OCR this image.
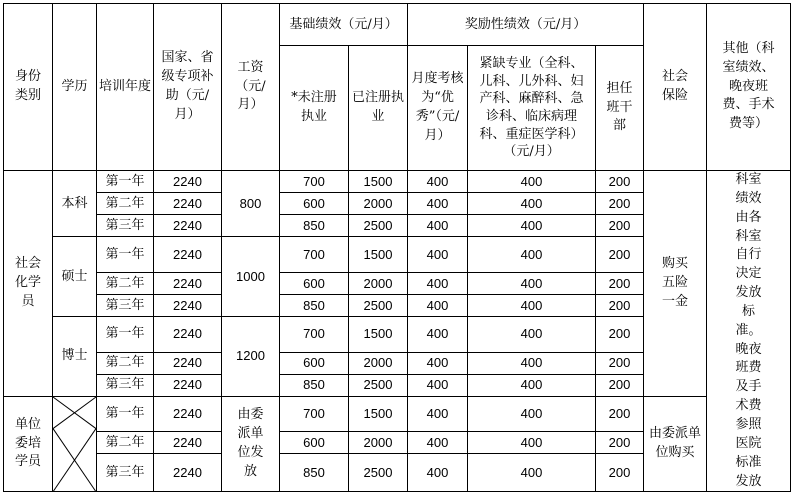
身份类别	学历	培训年度	国家、省级专项补助（元/月）	工资（元/月）	基础绩效（元/月）		奖励性绩效（元/月）			社会保险	其他（科室绩效、晚夜班费、手术费等）
					*未注册执业	已注册执业	月度考核为“优秀”（元/月）	紧缺专业（全科、儿科、儿外科、妇产科、麻醉科、急诊科、临床病理科、重症医学科）（元/月）	担任班干部		
社会化学员	本科	第一年	2240	800	700	1500	400	400	200	购买五险一金	科室绩效由各科室自行决定发放标准。晚夜班费及手术费参照医院标准发放
		第二年	2240		600	2000	400	400	200		
		第三年	2240		850	2500	400	400	200		
	硕士	第一年	2240	1000	700	1500	400	400	200		
		第二年	2240		600	2000	400	400	200		
		第三年	2240		850	2500	400	400	200		
	博士	第一年	2240	1200	700	1500	400	400	200		
		第二年	2240		600	2000	400	400	200		
		第三年	2240		850	2500	400	400	200		
单位委培学员		第一年	2240	由委派单位发放	700	1500	400	400	200	由委派单位购买	
		第二年	2240		600	2000	400	400	200		
		第三年	2240		850	2500	400	400	200		
